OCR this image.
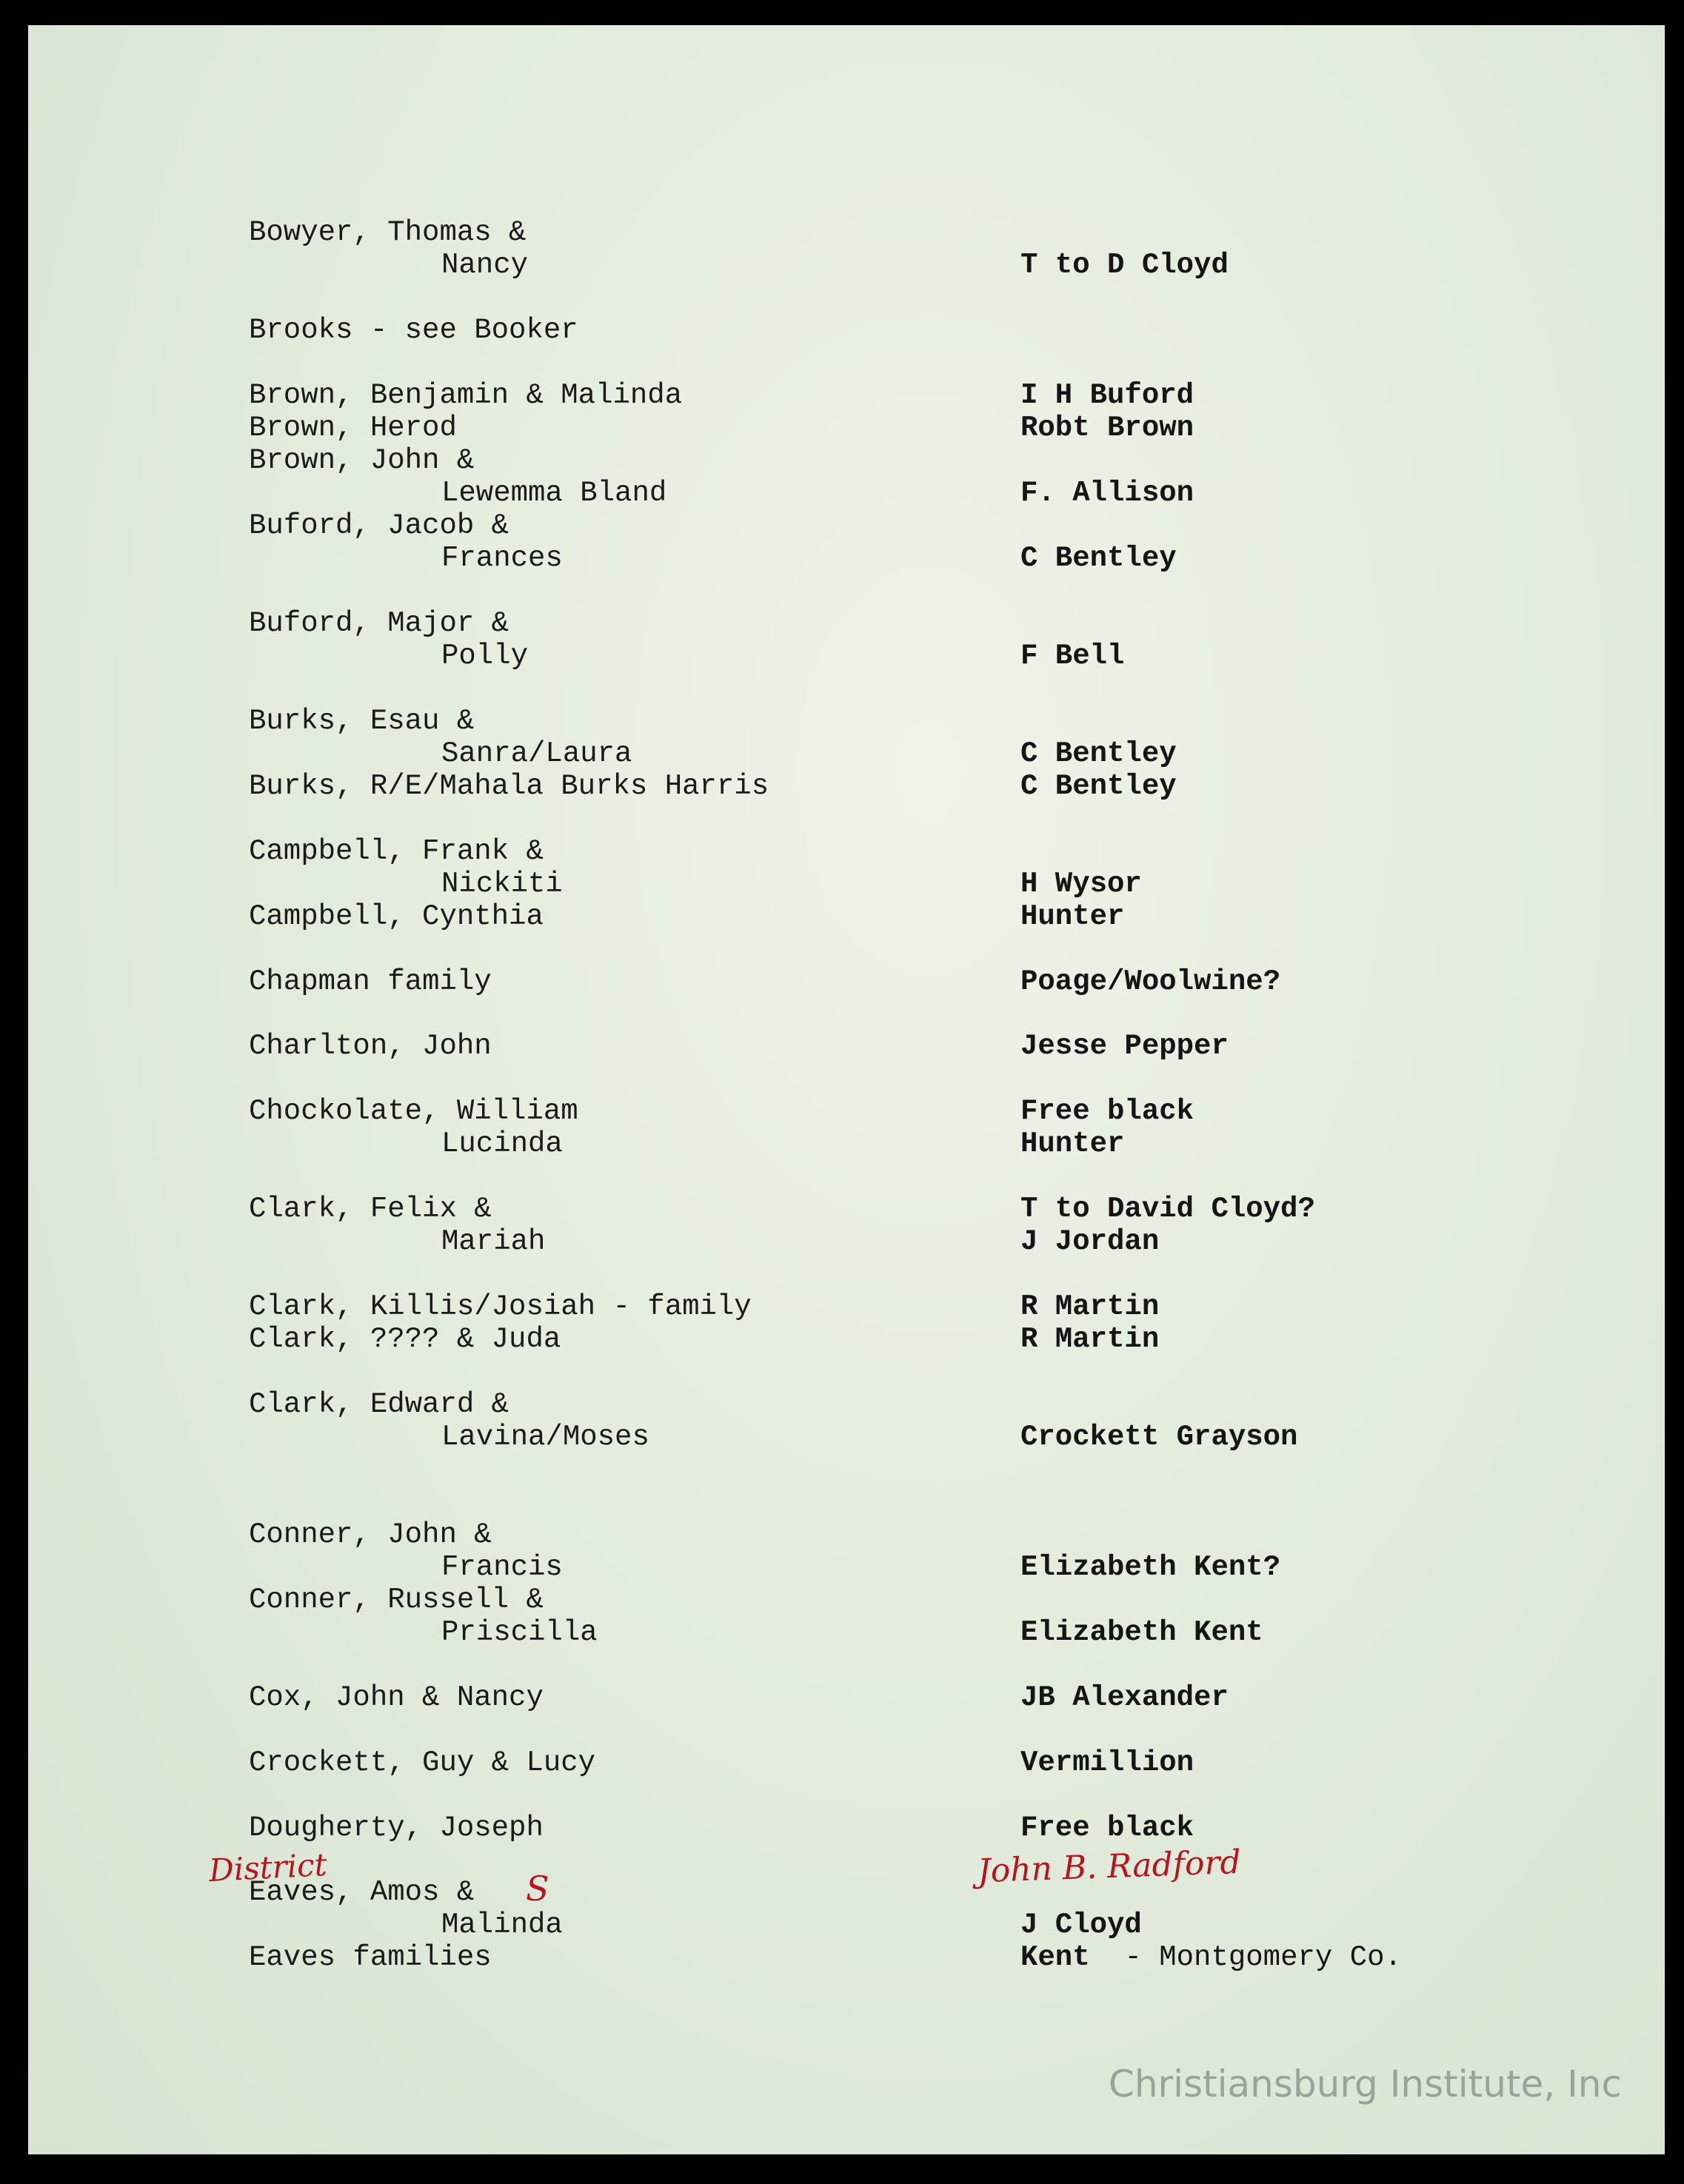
Bowyer, Thomas &
Nancy	T to D Cloyd
Brooks - see Booker
Brown, Benjamin & Malinda	I H Buford
Brown, Herod	Robt Brown
Brown, John &
Lewemma Bland	F. Allison
Buford, Jacob &
Frances	C Bentley
Buford, Major &
Polly	F Bell
Burks, Esau &
Sanra/Laura	C Bentley
Burks, R/E/Mahala Burks Harris	C Bentley
Campbell, Frank &
Nickiti	H Wysor
Campbell, Cynthia	Hunter
Chapman family	Poage/Woolwine?
Charlton, John	Jesse Pepper
Chockolate, William	Free black
Lucinda	Hunter
Clark, Felix &	T to David Cloyd?
Mariah	J Jordan
Clark, Killis/Josiah - family	R Martin
Clark, ???? & Juda	R Martin
Clark, Edward &
Lavina/Moses	Crockett Grayson
Conner, John &
Francis	Elizabeth Kent?
Conner, Russell &
Priscilla	Elizabeth Kent
Cox, John & Nancy	JB Alexander
Crockett, Guy & Lucy	Vermillion
Dougherty, Joseph	Free black
District	John B. Radford
Eaves, Amos & S
Malinda	J Cloyd
Eaves families	Kent - Montgomery Co.
Christiansburg Institute, Inc
